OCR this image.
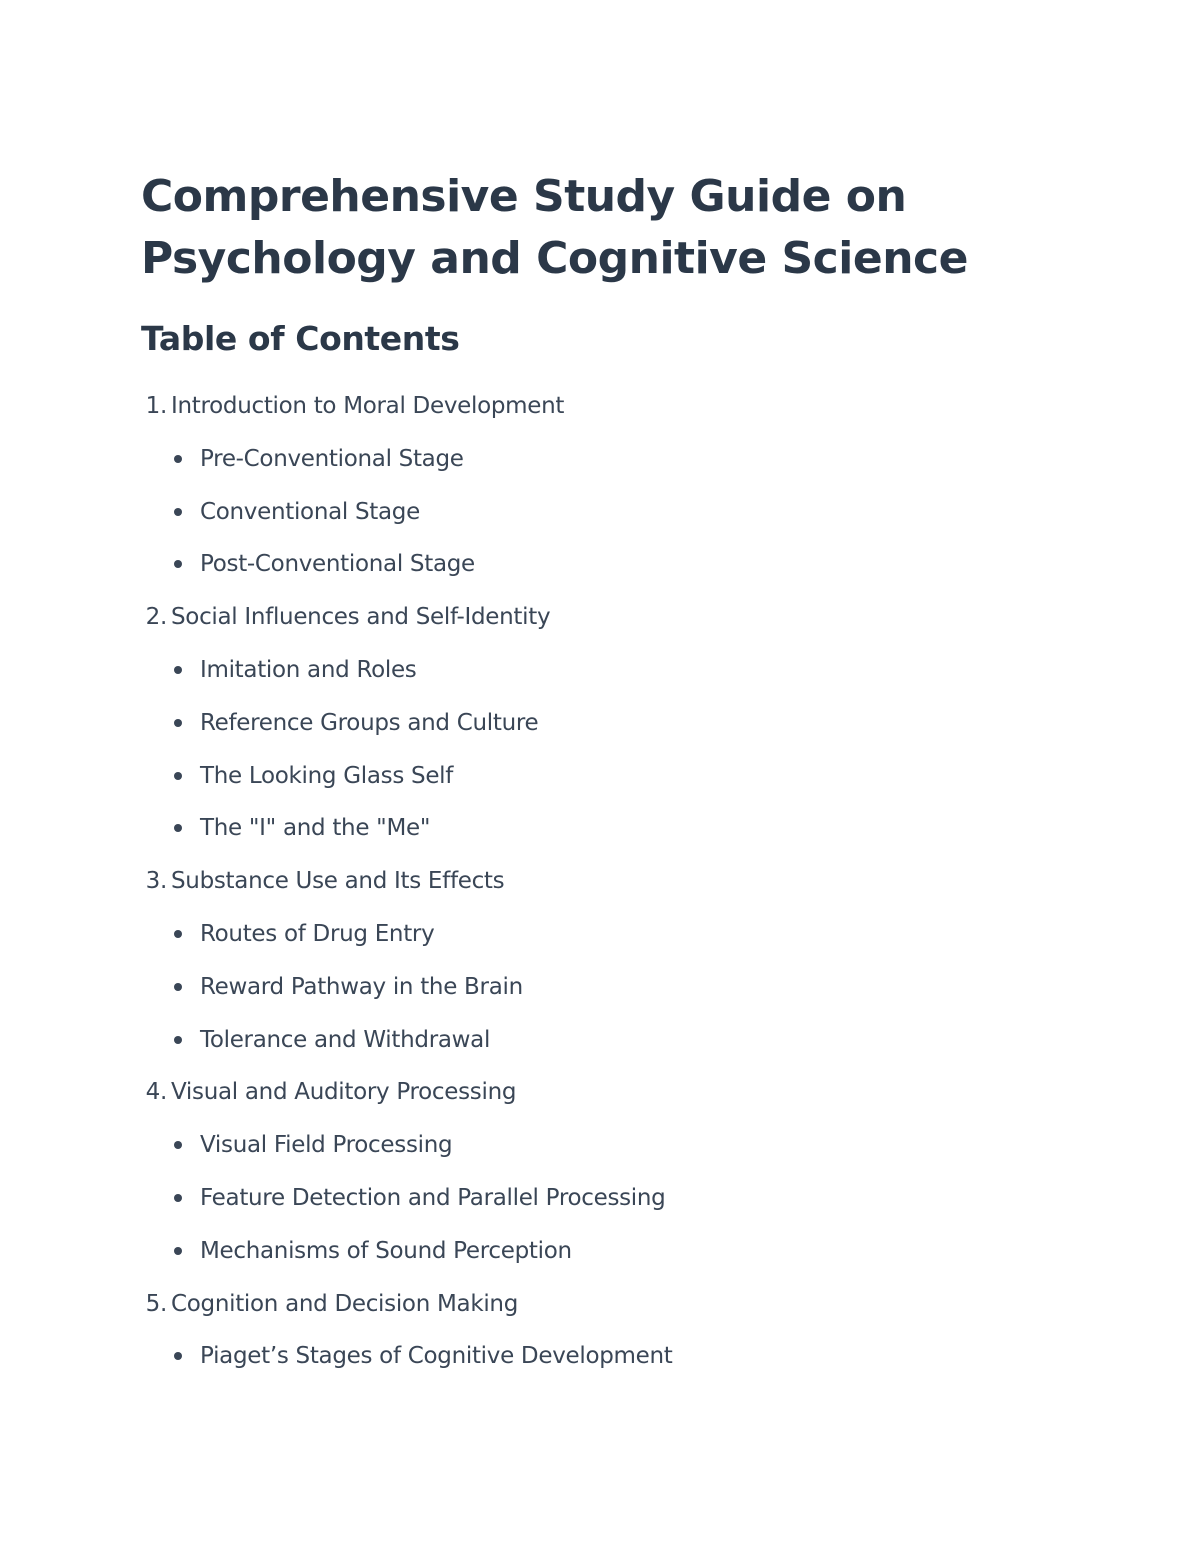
Comprehensive Study Guide on Psychology and Cognitive Science
Table of Contents
1. Introduction to Moral Development
Pre-Conventional Stage
Conventional Stage
Post-Conventional Stage
2. Social Influences and Self-Identity
Imitation and Roles
Reference Groups and Culture
The Looking Glass Self
The "I" and the "Me"
3. Substance Use and Its Effects
Routes of Drug Entry
Reward Pathway in the Brain
Tolerance and Withdrawal
4. Visual and Auditory Processing
Visual Field Processing
Feature Detection and Parallel Processing
Mechanisms of Sound Perception
5. Cognition and Decision Making
Piaget’s Stages of Cognitive Development
